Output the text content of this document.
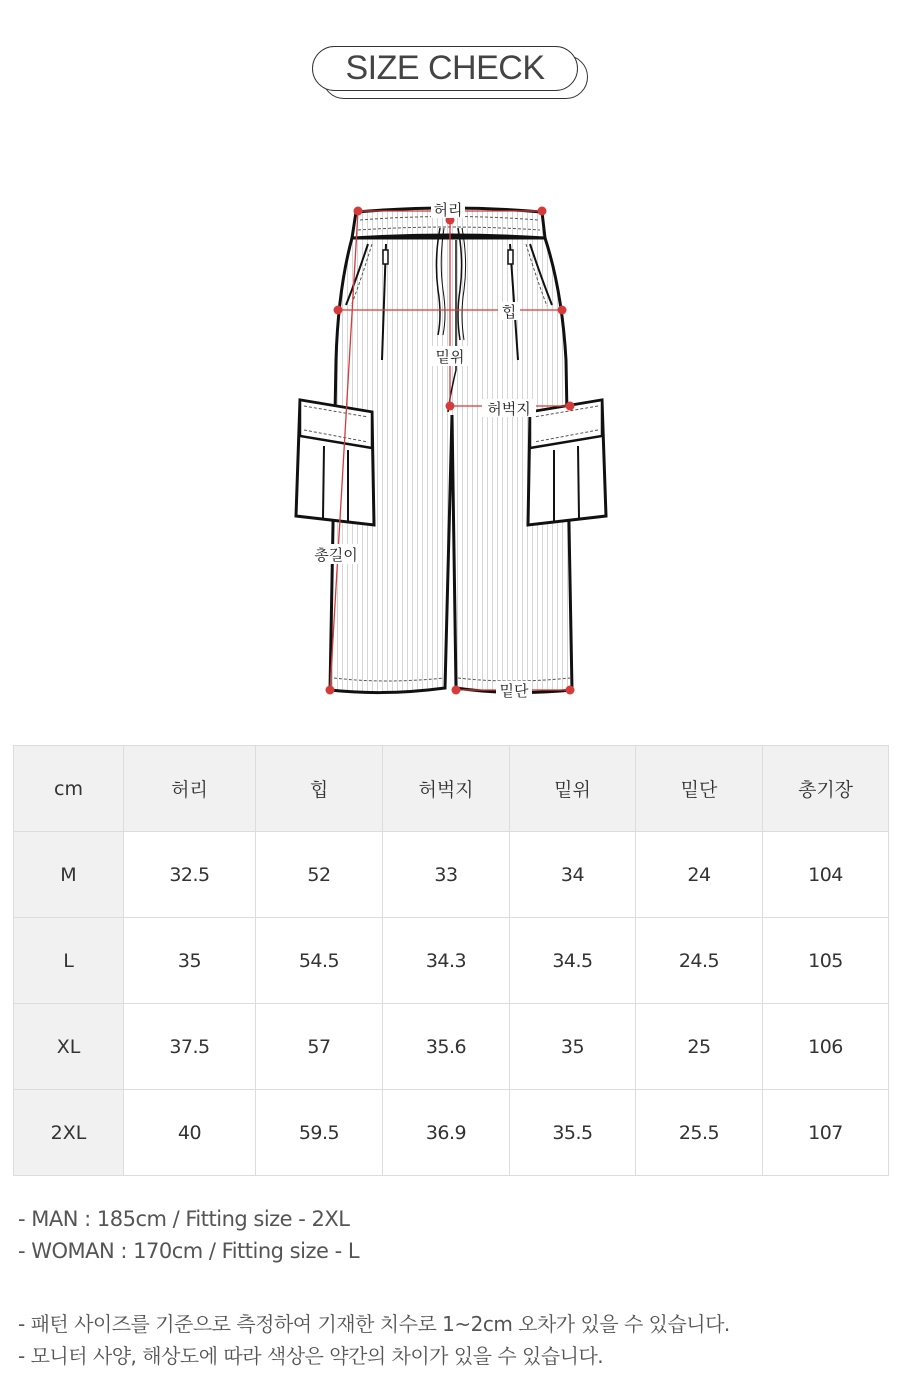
SIZE CHECK
허리
힙
밑위
허벅지
총길이
밑단
cm	허리	힙	허벅지	밑위	밑단	총기장
M	32.5	52	33	34	24	104
L	35	54.5	34.3	34.5	24.5	105
XL	37.5	57	35.6	35	25	106
2XL	40	59.5	36.9	35.5	25.5	107
- MAN : 185cm / Fitting size - 2XL
- WOMAN : 170cm / Fitting size - L
- 패턴 사이즈를 기준으로 측정하여 기재한 치수로 1~2cm 오차가 있을 수 있습니다.
- 모니터 사양, 해상도에 따라 색상은 약간의 차이가 있을 수 있습니다.
